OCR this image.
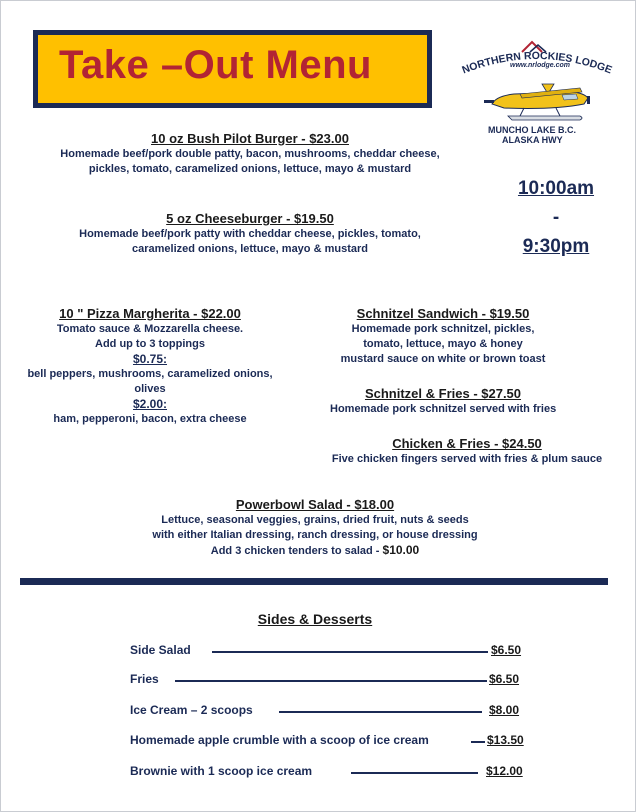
Take –Out Menu	NORTHERN ROCKIES LODGE
www.nrlodge.com
MUNCHO LAKE B.C.
ALASKA HWY
10:00am
-
9:30pm
10 oz Bush Pilot Burger - $23.00
Homemade beef/pork double patty, bacon, mushrooms, cheddar cheese,
pickles, tomato, caramelized onions, lettuce, mayo & mustard
5 oz Cheeseburger - $19.50
Homemade beef/pork patty with cheddar cheese, pickles, tomato,
caramelized onions, lettuce, mayo & mustard
10 " Pizza Margherita - $22.00
Tomato sauce & Mozzarella cheese.
Add up to 3 toppings
$0.75:
bell peppers, mushrooms, caramelized onions,
olives
$2.00:
ham, pepperoni, bacon, extra cheese
Schnitzel Sandwich - $19.50
Homemade pork schnitzel, pickles,
tomato, lettuce, mayo & honey
mustard sauce on white or brown toast
Schnitzel & Fries - $27.50
Homemade pork schnitzel served with fries
Chicken & Fries - $24.50
Five chicken fingers served with fries & plum sauce
Powerbowl Salad - $18.00
Lettuce, seasonal veggies, grains, dried fruit, nuts & seeds
with either Italian dressing, ranch dressing, or house dressing
Add 3 chicken tenders to salad - $10.00
Sides & Desserts
Side Salad	$6.50
Fries	$6.50
Ice Cream – 2 scoops	$8.00
Homemade apple crumble with a scoop of ice cream	$13.50
Brownie with 1 scoop ice cream	$12.00
